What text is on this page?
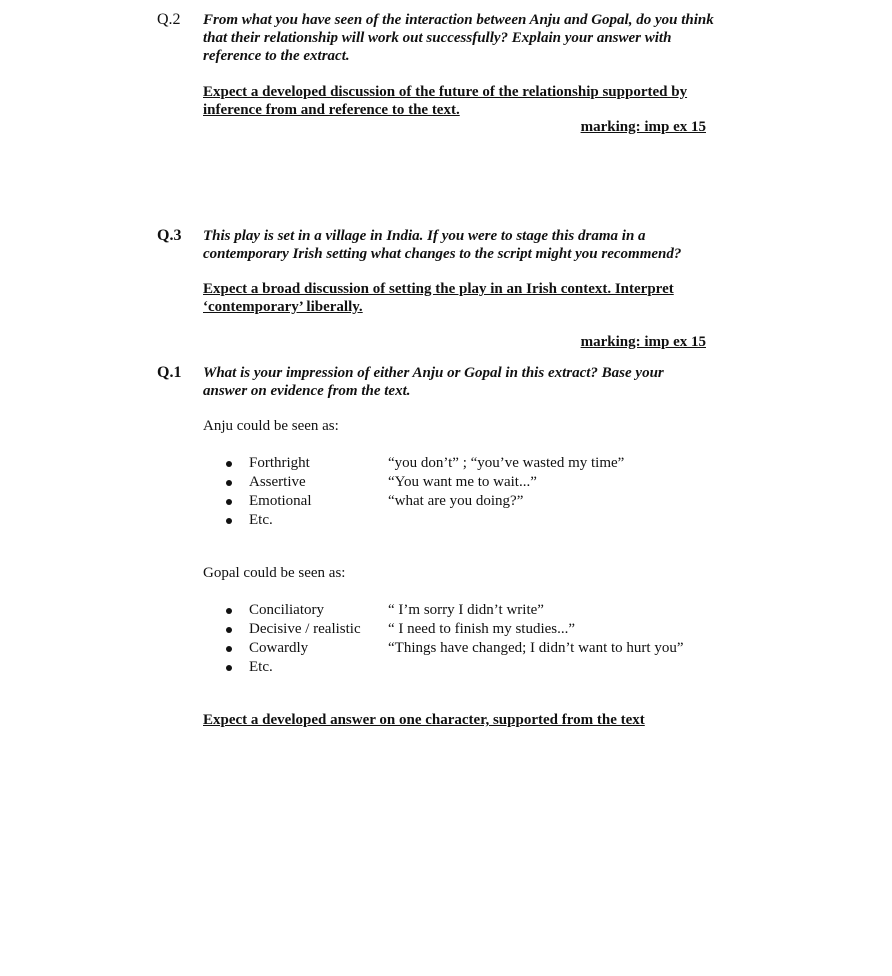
Q.2 From what you have seen of the interaction between Anju and Gopal, do you think
that their relationship will work out successfully? Explain your answer with
reference to the extract.
Expect a developed discussion of the future of the relationship supported by
inference from and reference to the text.
marking: imp ex 15
Q.3 This play is set in a village in India. If you were to stage this drama in a
contemporary Irish setting what changes to the script might you recommend?
Expect a broad discussion of setting the play in an Irish context. Interpret
‘contemporary’ liberally.
marking: imp ex 15
Q.1 What is your impression of either Anju or Gopal in this extract? Base your
answer on evidence from the text.
Anju could be seen as:
Forthright	“you don’t” ; “you’ve wasted my time”
Assertive	“You want me to wait...”
Emotional	“what are you doing?”
Etc.
Gopal could be seen as:
Conciliatory	“ I’m sorry I didn’t write”
Decisive / realistic “ I need to finish my studies...”
Cowardly	“Things have changed; I didn’t want to hurt you”
Etc.
Expect a developed answer on one character, supported from the text
